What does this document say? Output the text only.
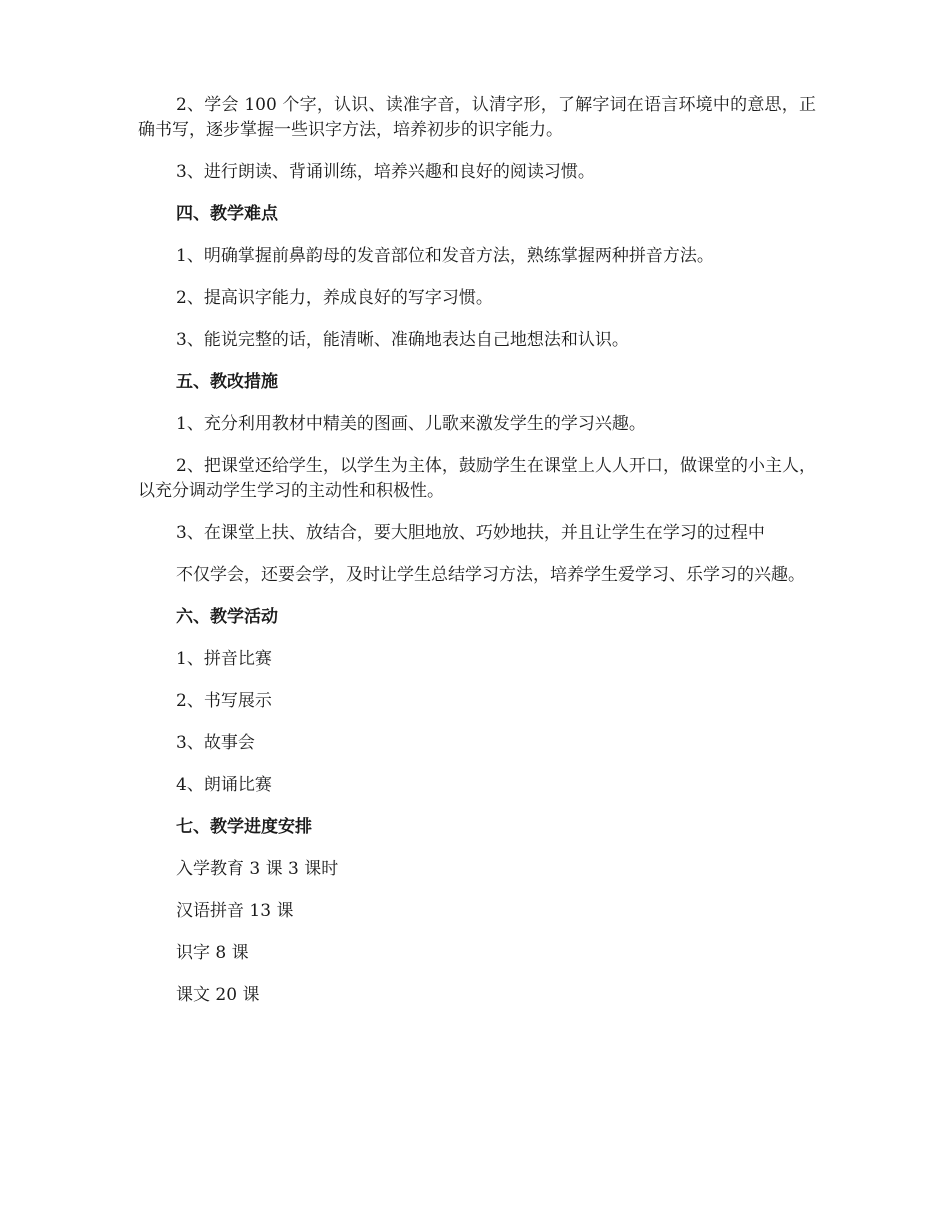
2、学会 100 个字，认识、读准字音，认清字形，了解字词在语言环境中的意思，正确书写，逐步掌握一些识字方法，培养初步的识字能力。

3、进行朗读、背诵训练，培养兴趣和良好的阅读习惯。

四、教学难点

1、明确掌握前鼻韵母的发音部位和发音方法，熟练掌握两种拼音方法。

2、提高识字能力，养成良好的写字习惯。

3、能说完整的话，能清晰、准确地表达自己地想法和认识。

五、教改措施

1、充分利用教材中精美的图画、儿歌来激发学生的学习兴趣。

2、把课堂还给学生，以学生为主体，鼓励学生在课堂上人人开口，做课堂的小主人，以充分调动学生学习的主动性和积极性。

3、在课堂上扶、放结合，要大胆地放、巧妙地扶，并且让学生在学习的过程中

不仅学会，还要会学，及时让学生总结学习方法，培养学生爱学习、乐学习的兴趣。

六、教学活动

1、拼音比赛

2、书写展示

3、故事会

4、朗诵比赛

七、教学进度安排

入学教育 3 课 3 课时

汉语拼音 13 课

识字 8 课

课文 20 课
